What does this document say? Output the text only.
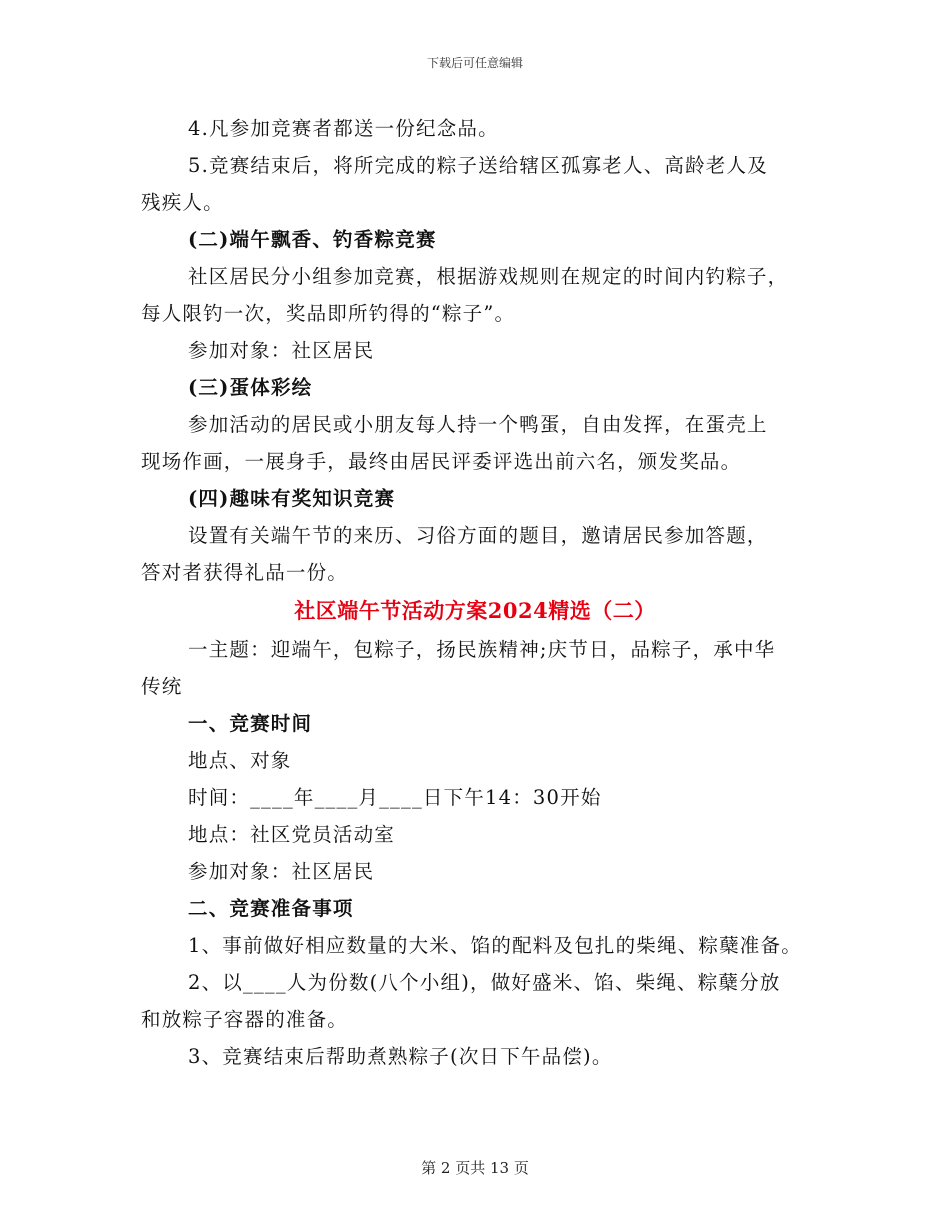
下载后可任意编辑

4.凡参加竞赛者都送一份纪念品。

5.竞赛结束后，将所完成的粽子送给辖区孤寡老人、高龄老人及
残疾人。

(二)端午飘香、钓香粽竞赛

社区居民分小组参加竞赛，根据游戏规则在规定的时间内钓粽子，
每人限钓一次，奖品即所钓得的“粽子”。

参加对象：社区居民

(三)蛋体彩绘

参加活动的居民或小朋友每人持一个鸭蛋，自由发挥，在蛋壳上
现场作画，一展身手，最终由居民评委评选出前六名，颁发奖品。

(四)趣味有奖知识竞赛

设置有关端午节的来历、习俗方面的题目，邀请居民参加答题，
答对者获得礼品一份。

社区端午节活动方案2024精选（二）

一主题：迎端午，包粽子，扬民族精神;庆节日，品粽子，承中华
传统

一、竞赛时间

地点、对象

时间：____年____月____日下午14：30开始

地点：社区党员活动室

参加对象：社区居民

二、竞赛准备事项

1、事前做好相应数量的大米、馅的配料及包扎的柴绳、粽蘖准备。

2、以____人为份数(八个小组)，做好盛米、馅、柴绳、粽蘖分放
和放粽子容器的准备。

3、竞赛结束后帮助煮熟粽子(次日下午品偿)。

第 2 页共 13 页
